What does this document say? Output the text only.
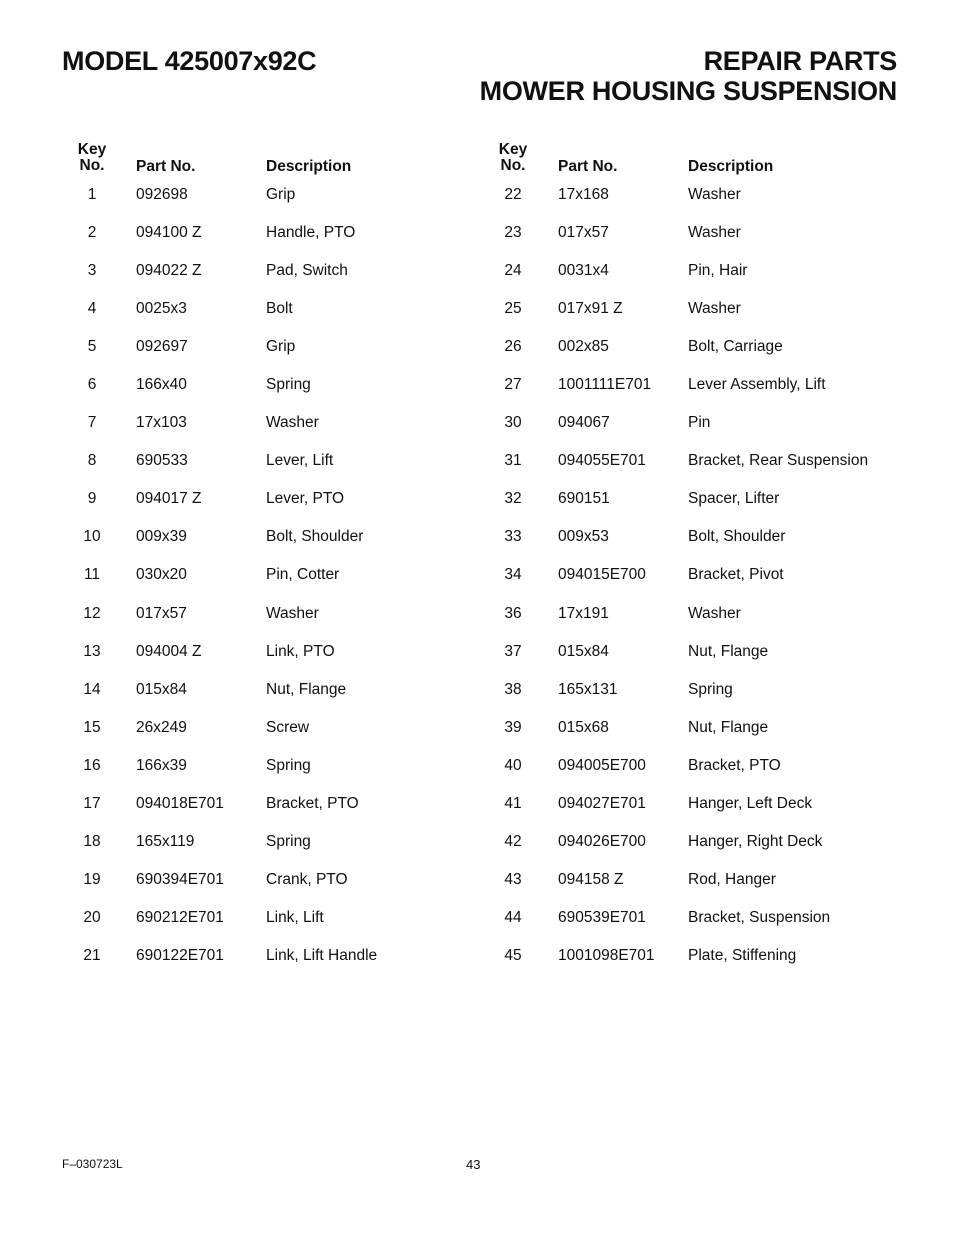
MODEL 425007x92C	REPAIR PARTS
MOWER HOUSING SUSPENSION
Key
No.	Part No.	Description
1	092698	Grip
2	094100 Z	Handle, PTO
3	094022 Z	Pad, Switch
4	0025x3	Bolt
5	092697	Grip
6	166x40	Spring
7	17x103	Washer
8	690533	Lever, Lift
9	094017 Z	Lever, PTO
10	009x39	Bolt, Shoulder
11	030x20	Pin, Cotter
12	017x57	Washer
13	094004 Z	Link, PTO
14	015x84	Nut, Flange
15	26x249	Screw
16	166x39	Spring
17	094018E701	Bracket, PTO
18	165x119	Spring
19	690394E701	Crank, PTO
20	690212E701	Link, Lift
21	690122E701	Link, Lift Handle
Key
No.	Part No.	Description
22	17x168	Washer
23	017x57	Washer
24	0031x4	Pin, Hair
25	017x91 Z	Washer
26	002x85	Bolt, Carriage
27	1001111E701 Lever Assembly, Lift
30	094067	Pin
31	094055E701	Bracket, Rear Suspension
32	690151	Spacer, Lifter
33	009x53	Bolt, Shoulder
34	094015E700	Bracket, Pivot
36	17x191	Washer
37	015x84	Nut, Flange
38	165x131	Spring
39	015x68	Nut, Flange
40	094005E700	Bracket, PTO
41	094027E701	Hanger, Left Deck
42	094026E700	Hanger, Right Deck
43	094158 Z	Rod, Hanger
44	690539E701	Bracket, Suspension
45	1001098E701 Plate, Stiffening
F–030723L	43
